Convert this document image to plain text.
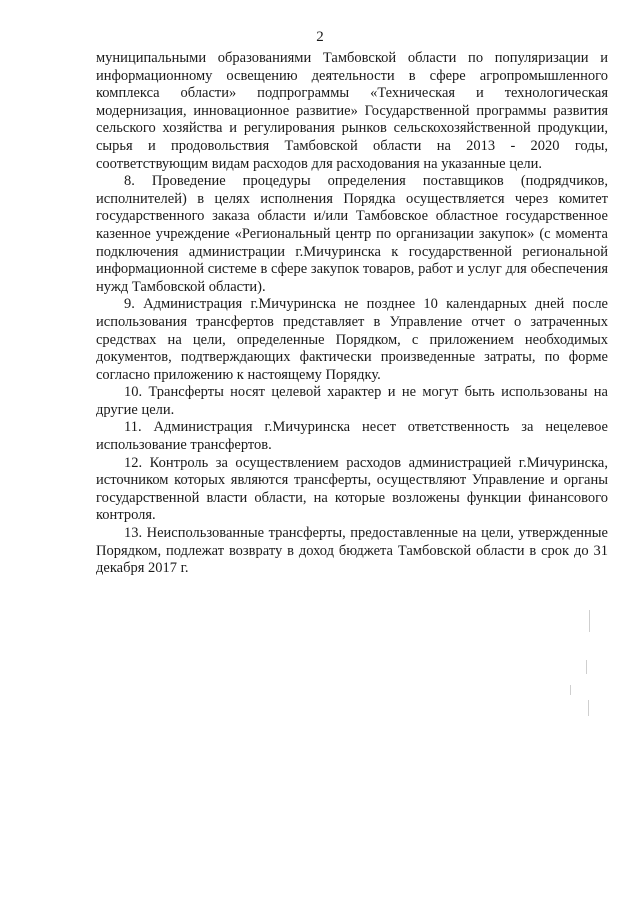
2

муниципальными образованиями Тамбовской области по популяризации и информационному освещению деятельности в сфере агропромышленного комплекса области» подпрограммы «Техническая и технологическая модернизация, инновационное развитие» Государственной программы развития сельского хозяйства и регулирования рынков сельскохозяйственной продукции, сырья и продовольствия Тамбовской области на 2013 - 2020 годы, соответствующим видам расходов для расходования на указанные цели.

8. Проведение процедуры определения поставщиков (подрядчиков, исполнителей) в целях исполнения Порядка осуществляется через комитет государственного заказа области и/или Тамбовское областное государственное казенное учреждение «Региональный центр по организации закупок» (с момента подключения администрации г.Мичуринска к государственной региональной информационной системе в сфере закупок товаров, работ и услуг для обеспечения нужд Тамбовской области).

9. Администрация г.Мичуринска не позднее 10 календарных дней после использования трансфертов представляет в Управление отчет о затраченных средствах на цели, определенные Порядком, с приложением необходимых документов, подтверждающих фактически произведенные затраты, по форме согласно приложению к настоящему Порядку.

10. Трансферты носят целевой характер и не могут быть использованы на другие цели.

11. Администрация г.Мичуринска несет ответственность за нецелевое использование трансфертов.

12. Контроль за осуществлением расходов администрацией г.Мичуринска, источником которых являются трансферты, осуществляют Управление и органы государственной власти области, на которые возложены функции финансового контроля.

13. Неиспользованные трансферты, предоставленные на цели, утвержденные Порядком, подлежат возврату в доход бюджета Тамбовской области в срок до 31 декабря 2017 г.
